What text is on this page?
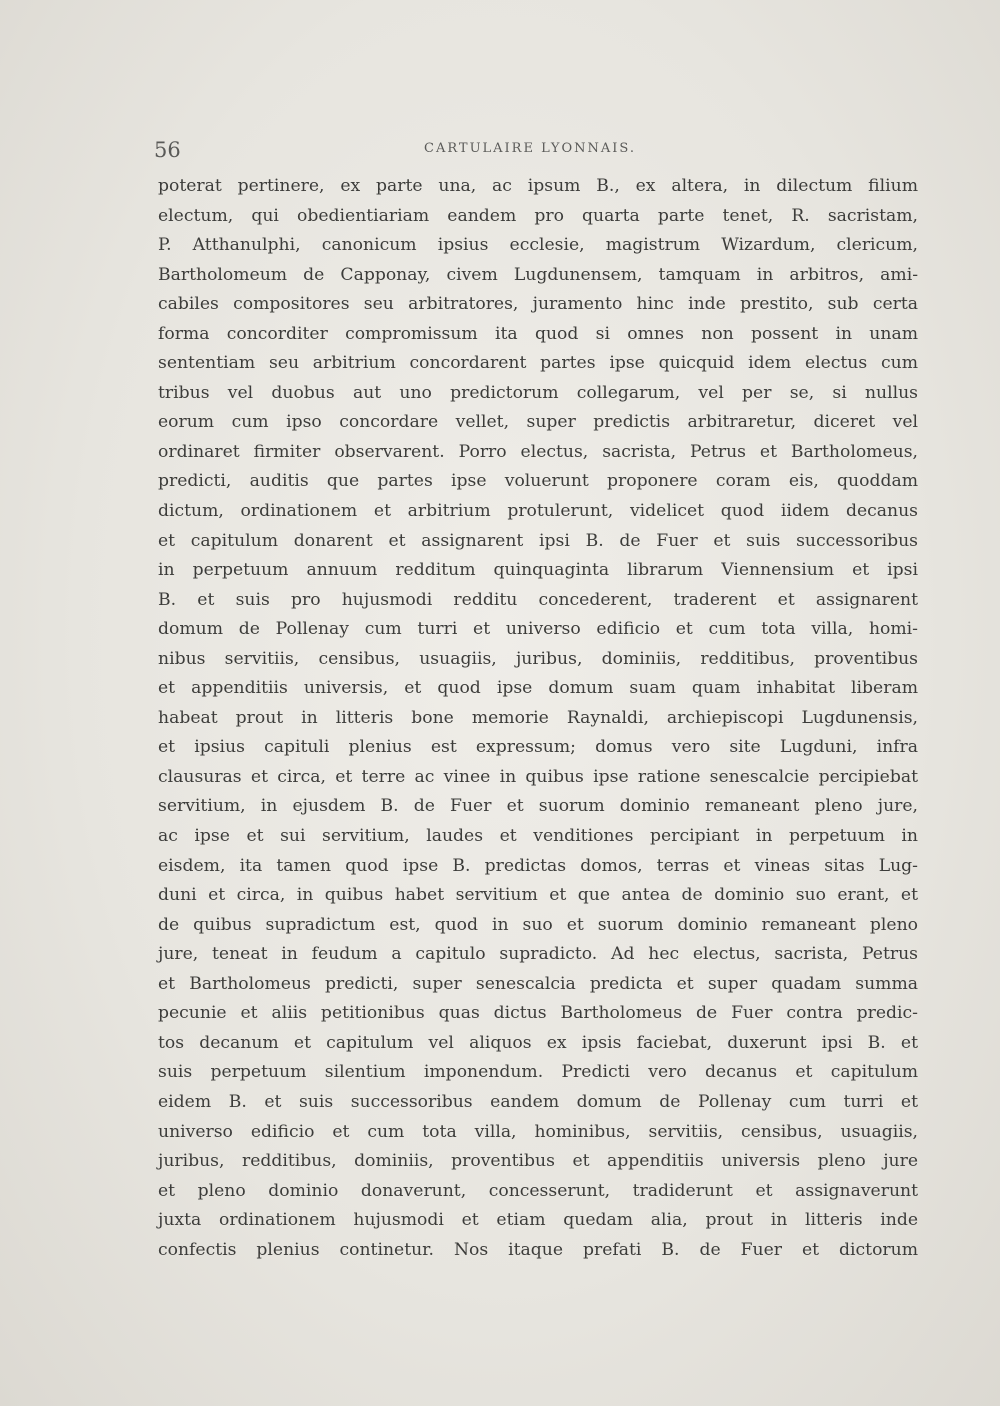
56	CARTULAIRE LYONNAIS.
poterat pertinere, ex parte una, ac ipsum B., ex altera, in dilectum filium
electum, qui obedientiariam eandem pro quarta parte tenet, R. sacristam,
P. Atthanulphi, canonicum ipsius ecclesie, magistrum Wizardum, clericum,
Bartholomeum de Capponay, civem Lugdunensem, tamquam in arbitros, ami-
cabiles compositores seu arbitratores, juramento hinc inde prestito, sub certa
forma concorditer compromissum ita quod si omnes non possent in unam
sententiam seu arbitrium concordarent partes ipse quicquid idem electus cum
tribus vel duobus aut uno predictorum collegarum, vel per se, si nullus
eorum cum ipso concordare vellet, super predictis arbitraretur, diceret vel
ordinaret firmiter observarent. Porro electus, sacrista, Petrus et Bartholomeus,
predicti, auditis que partes ipse voluerunt proponere coram eis, quoddam
dictum, ordinationem et arbitrium protulerunt, videlicet quod iidem decanus
et capitulum donarent et assignarent ipsi B. de Fuer et suis successoribus
in perpetuum annuum redditum quinquaginta librarum Viennensium et ipsi
B. et suis pro hujusmodi redditu concederent, traderent et assignarent
domum de Pollenay cum turri et universo edificio et cum tota villa, homi-
nibus servitiis, censibus, usuagiis, juribus, dominiis, redditibus, proventibus
et appenditiis universis, et quod ipse domum suam quam inhabitat liberam
habeat prout in litteris bone memorie Raynaldi, archiepiscopi Lugdunensis,
et ipsius capituli plenius est expressum; domus vero site Lugduni, infra
clausuras et circa, et terre ac vinee in quibus ipse ratione senescalcie percipiebat
servitium, in ejusdem B. de Fuer et suorum dominio remaneant pleno jure,
ac ipse et sui servitium, laudes et venditiones percipiant in perpetuum in
eisdem, ita tamen quod ipse B. predictas domos, terras et vineas sitas Lug-
duni et circa, in quibus habet servitium et que antea de dominio suo erant, et
de quibus supradictum est, quod in suo et suorum dominio remaneant pleno
jure, teneat in feudum a capitulo supradicto. Ad hec electus, sacrista, Petrus
et Bartholomeus predicti, super senescalcia predicta et super quadam summa
pecunie et aliis petitionibus quas dictus Bartholomeus de Fuer contra predic-
tos decanum et capitulum vel aliquos ex ipsis faciebat, duxerunt ipsi B. et
suis perpetuum silentium imponendum. Predicti vero decanus et capitulum
eidem B. et suis successoribus eandem domum de Pollenay cum turri et
universo edificio et cum tota villa, hominibus, servitiis, censibus, usuagiis,
juribus, redditibus, dominiis, proventibus et appenditiis universis pleno jure
et pleno dominio donaverunt, concesserunt, tradiderunt et assignaverunt
juxta ordinationem hujusmodi et etiam quedam alia, prout in litteris inde
confectis plenius continetur. Nos itaque prefati B. de Fuer et dictorum
